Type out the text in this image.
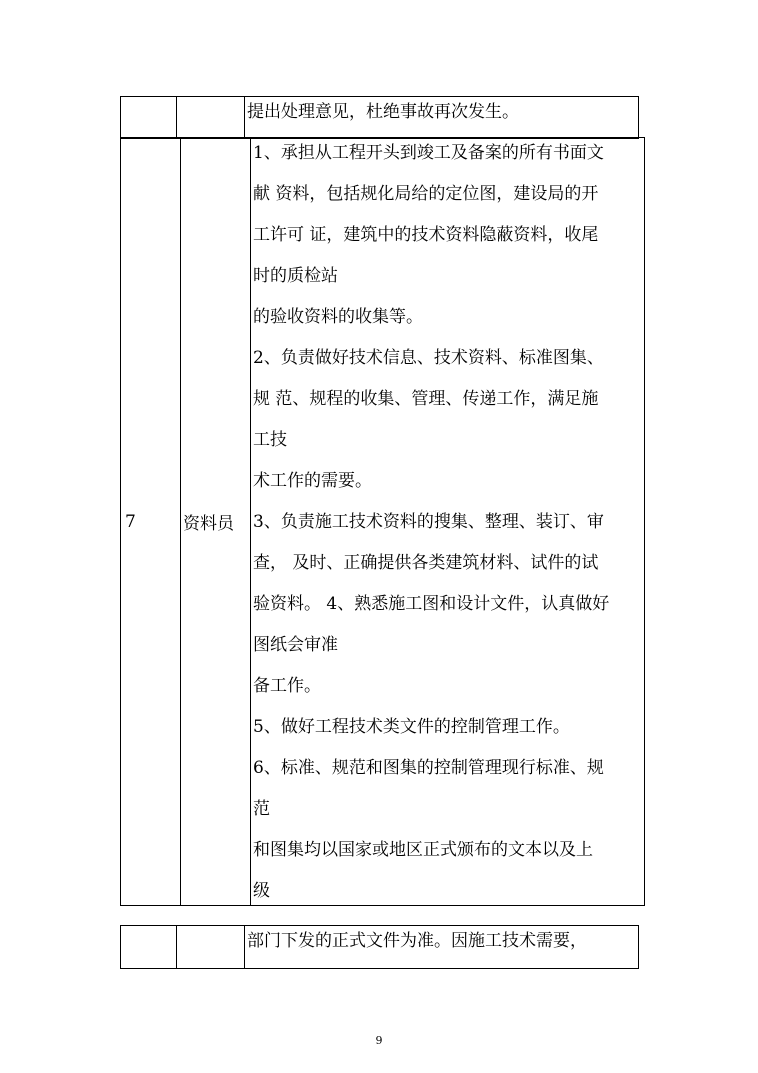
提出处理意见，杜绝事故再次发生。
7	资料员	
1、承担从工程开头到竣工及备案的所有书面文
献 资料，包括规化局给的定位图，建设局的开
工许可 证，建筑中的技术资料隐蔽资料，收尾
时的质检站
的验收资料的收集等。
2、负责做好技术信息、技术资料、标准图集、
规 范、规程的收集、管理、传递工作，满足施
工技
术工作的需要。
3、负责施工技术资料的搜集、整理、装订、审
查， 及时、正确提供各类建筑材料、试件的试
验资料。 4、熟悉施工图和设计文件，认真做好
图纸会审准
备工作。
5、做好工程技术类文件的控制管理工作。
6、标准、规范和图集的控制管理现行标准、规
范
和图集均以国家或地区正式颁布的文本以及上
级

部门下发的正式文件为准。因施工技术需要，
9
